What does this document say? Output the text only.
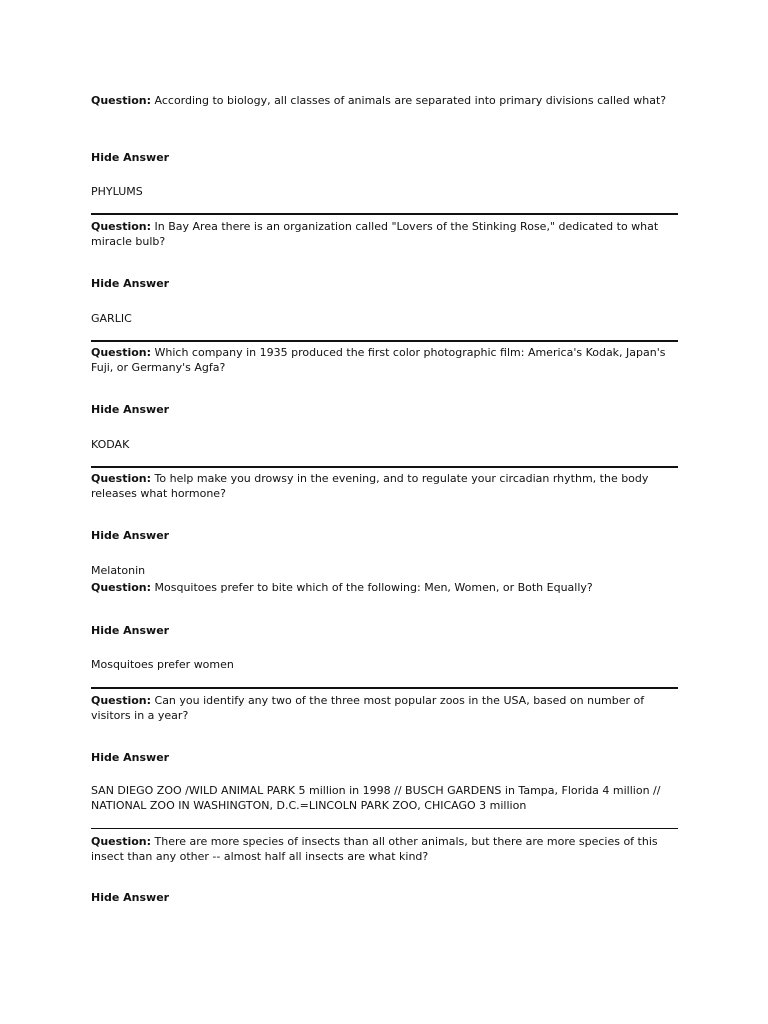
Question: According to biology, all classes of animals are separated into primary divisions called what?
Hide Answer
PHYLUMS
Question: In Bay Area there is an organization called "Lovers of the Stinking Rose," dedicated to what miracle bulb?
Hide Answer
GARLIC
Question: Which company in 1935 produced the first color photographic film: America's Kodak, Japan's Fuji, or Germany's Agfa?
Hide Answer
KODAK
Question: To help make you drowsy in the evening, and to regulate your circadian rhythm, the body releases what hormone?
Hide Answer
Melatonin
Question: Mosquitoes prefer to bite which of the following: Men, Women, or Both Equally?
Hide Answer
Mosquitoes prefer women
Question: Can you identify any two of the three most popular zoos in the USA, based on number of visitors in a year?
Hide Answer
SAN DIEGO ZOO /WILD ANIMAL PARK 5 million in 1998 // BUSCH GARDENS in Tampa, Florida 4 million // NATIONAL ZOO IN WASHINGTON, D.C.=LINCOLN PARK ZOO, CHICAGO 3 million
Question: There are more species of insects than all other animals, but there are more species of this insect than any other -- almost half all insects are what kind?
Hide Answer
